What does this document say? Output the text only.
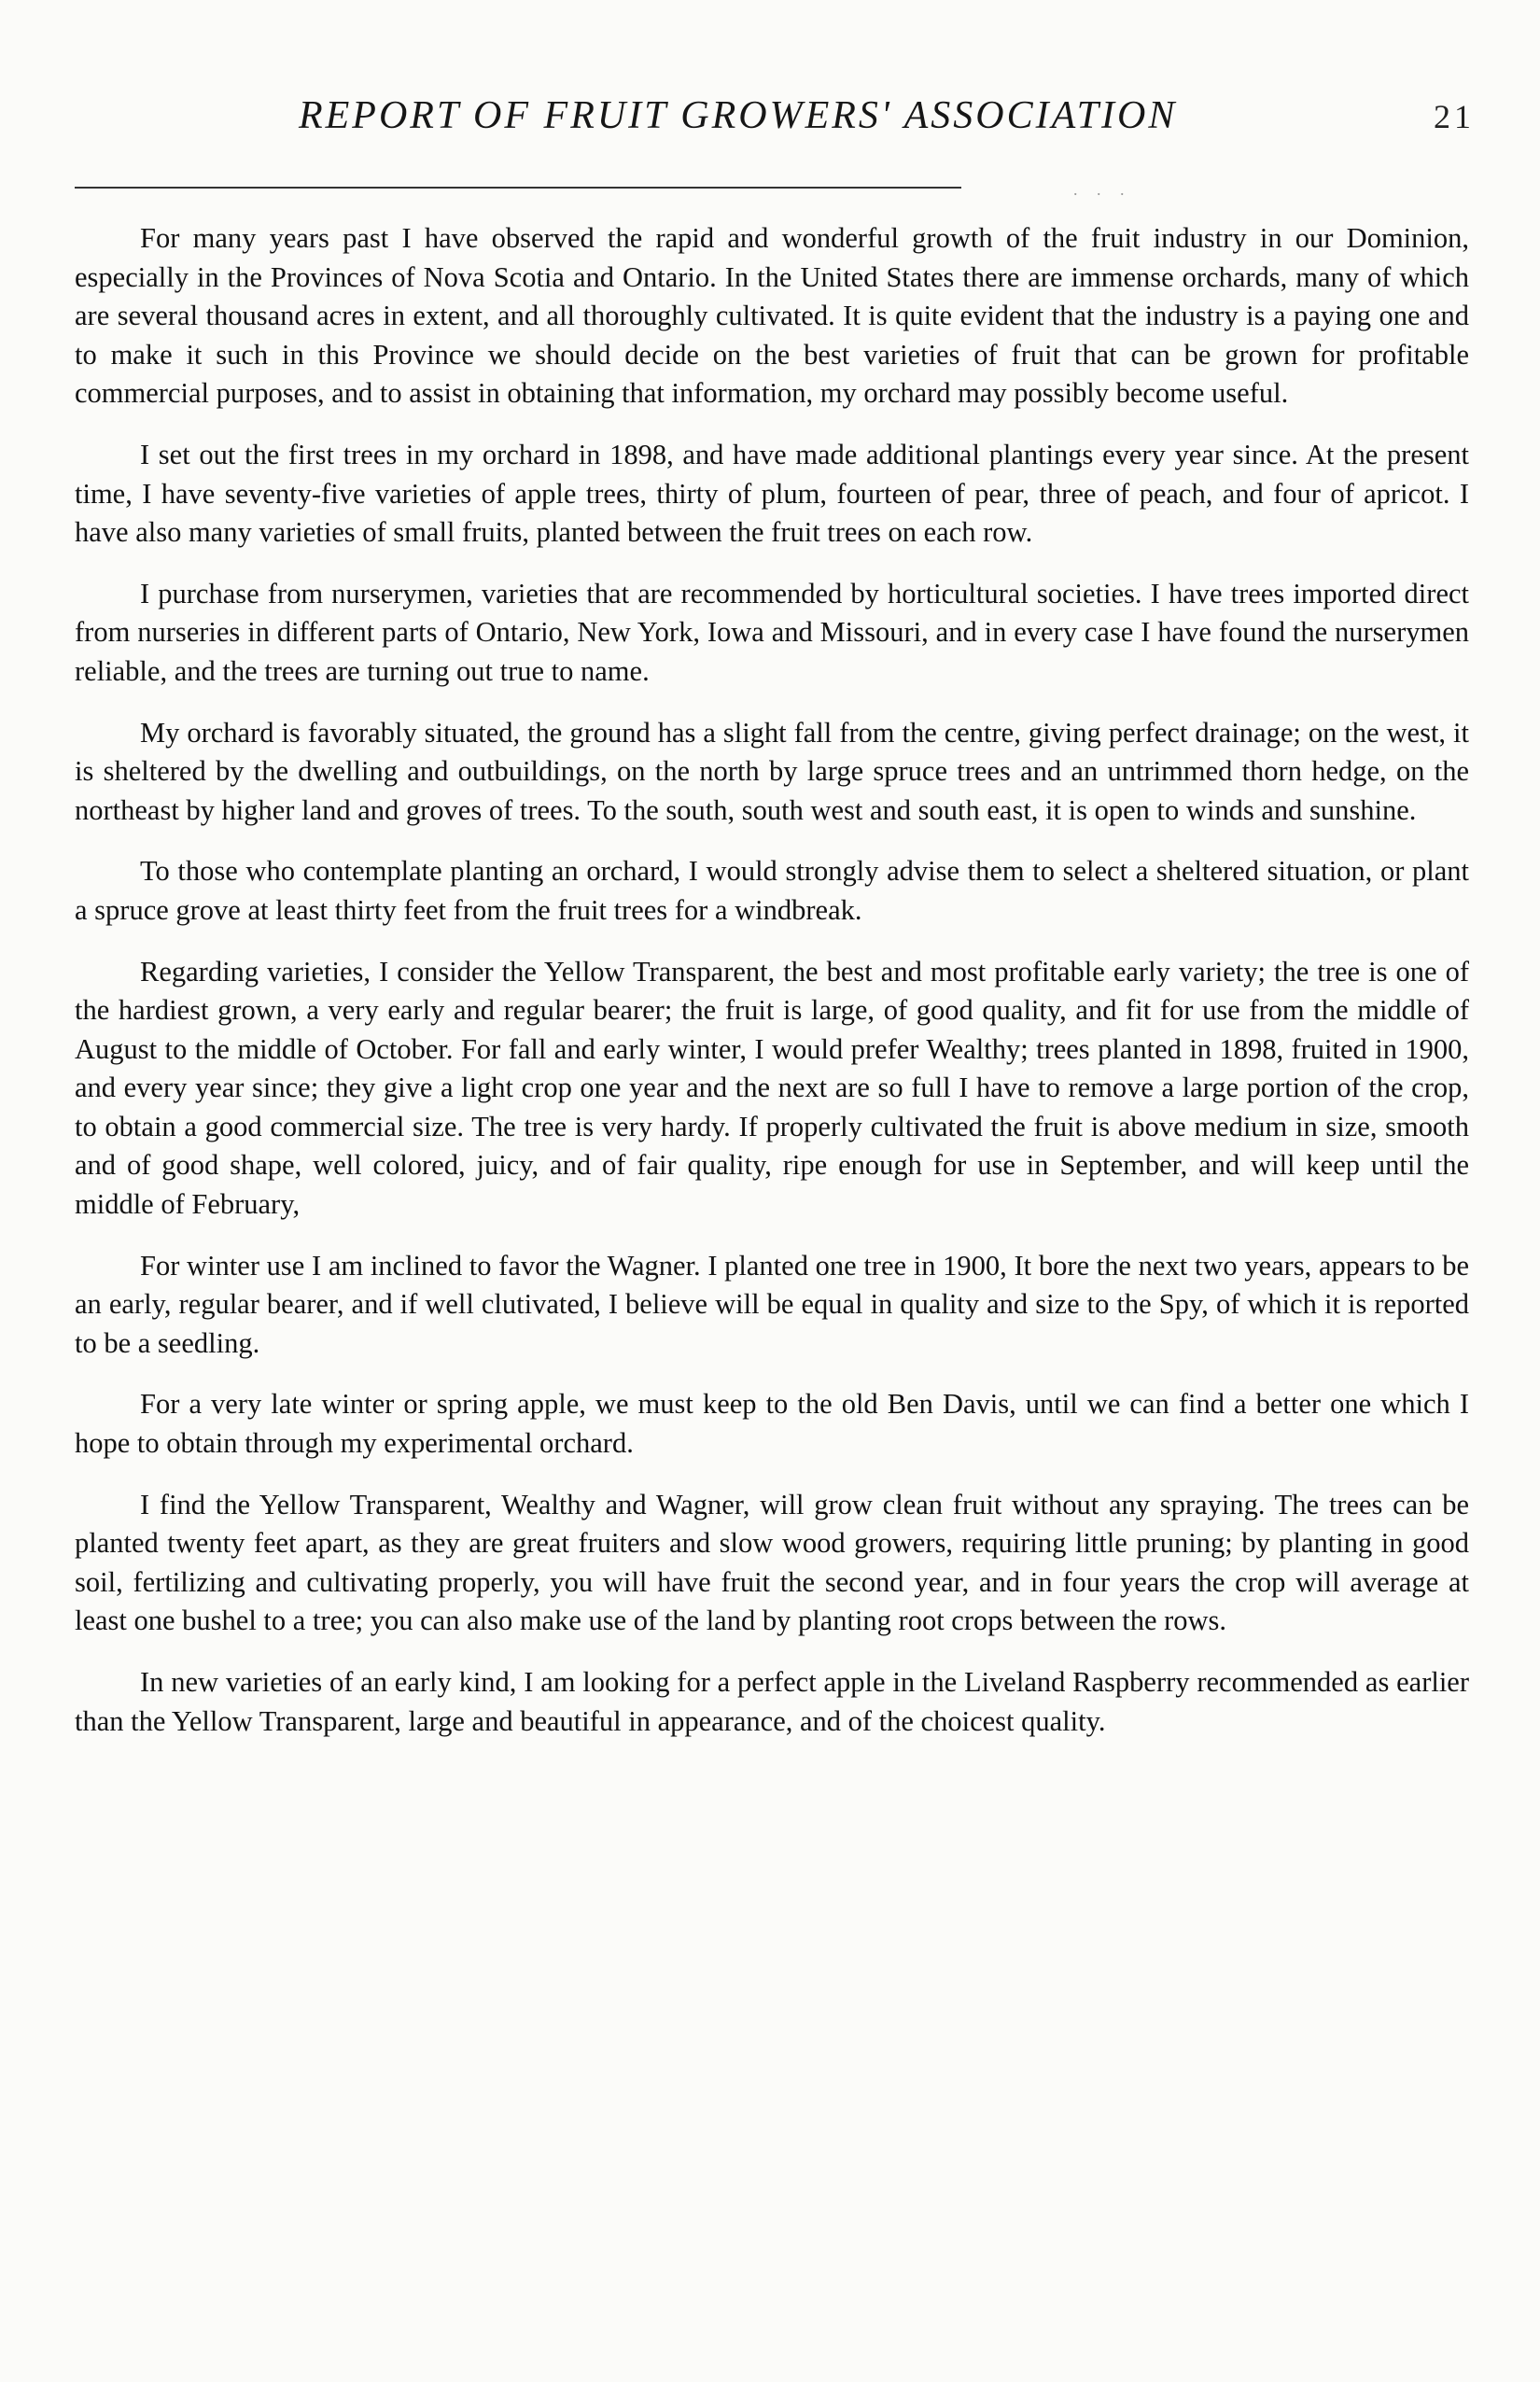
REPORT OF FRUIT GROWERS' ASSOCIATION	21
. . .

For many years past I have observed the rapid and wonderful growth of the fruit industry in our Dominion, especially in the Provinces of Nova Scotia and Ontario. In the United States there are immense orchards, many of which are several thousand acres in extent, and all thoroughly cultivated. It is quite evident that the industry is a paying one and to make it such in this Province we should decide on the best varieties of fruit that can be grown for profitable commercial purposes, and to assist in obtaining that information, my orchard may possibly become useful.

I set out the first trees in my orchard in 1898, and have made additional plantings every year since. At the present time, I have seventy-five varieties of apple trees, thirty of plum, fourteen of pear, three of peach, and four of apricot. I have also many varieties of small fruits, planted between the fruit trees on each row.

I purchase from nurserymen, varieties that are recommended by horticultural societies. I have trees imported direct from nurseries in different parts of Ontario, New York, Iowa and Missouri, and in every case I have found the nurserymen reliable, and the trees are turning out true to name.

My orchard is favorably situated, the ground has a slight fall from the centre, giving perfect drainage; on the west, it is sheltered by the dwelling and outbuildings, on the north by large spruce trees and an untrimmed thorn hedge, on the northeast by higher land and groves of trees. To the south, south west and south east, it is open to winds and sunshine.

To those who contemplate planting an orchard, I would strongly advise them to select a sheltered situation, or plant a spruce grove at least thirty feet from the fruit trees for a windbreak.

Regarding varieties, I consider the Yellow Transparent, the best and most profitable early variety; the tree is one of the hardiest grown, a very early and regular bearer; the fruit is large, of good quality, and fit for use from the middle of August to the middle of October. For fall and early winter, I would prefer Wealthy; trees planted in 1898, fruited in 1900, and every year since; they give a light crop one year and the next are so full I have to remove a large portion of the crop, to obtain a good commercial size. The tree is very hardy. If properly cultivated the fruit is above medium in size, smooth and of good shape, well colored, juicy, and of fair quality, ripe enough for use in September, and will keep until the middle of February,

For winter use I am inclined to favor the Wagner. I planted one tree in 1900, It bore the next two years, appears to be an early, regular bearer, and if well clutivated, I believe will be equal in quality and size to the Spy, of which it is reported to be a seedling.

For a very late winter or spring apple, we must keep to the old Ben Davis, until we can find a better one which I hope to obtain through my experimental orchard.

I find the Yellow Transparent, Wealthy and Wagner, will grow clean fruit without any spraying. The trees can be planted twenty feet apart, as they are great fruiters and slow wood growers, requiring little pruning; by planting in good soil, fertilizing and cultivating properly, you will have fruit the second year, and in four years the crop will average at least one bushel to a tree; you can also make use of the land by planting root crops between the rows.

In new varieties of an early kind, I am looking for a perfect apple in the Liveland Raspberry recommended as earlier than the Yellow Transparent, large and beautiful in appearance, and of the choicest quality.
